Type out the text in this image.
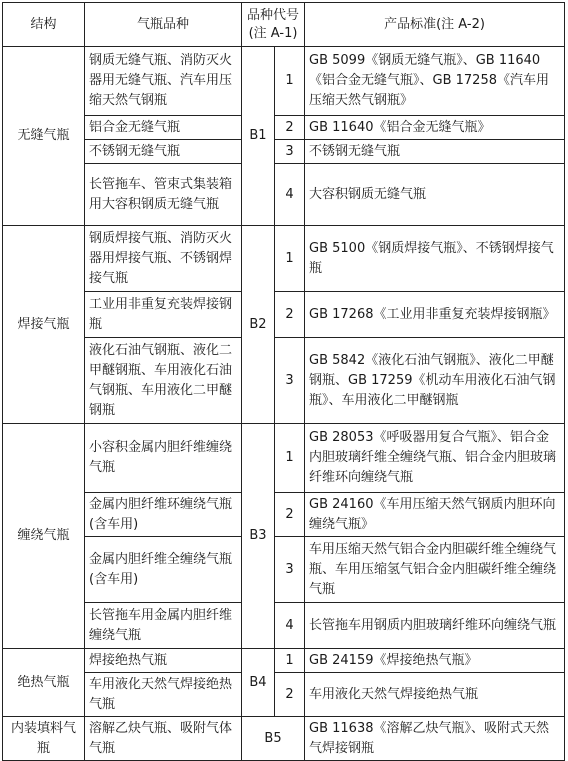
结构	气瓶品种	品种代号(注 A-1)		产品标准(注 A-2)
无缝气瓶	钢质无缝气瓶、消防灭火器用无缝气瓶、汽车用压缩天然气钢瓶	B1	1	GB 5099《钢质无缝气瓶》、GB 11640《铝合金无缝气瓶》、GB 17258《汽车用压缩天然气钢瓶》
	铝合金无缝气瓶		2	GB 11640《铝合金无缝气瓶》
	不锈钢无缝气瓶		3	不锈钢无缝气瓶
	长管拖车、管束式集装箱用大容积钢质无缝气瓶		4	大容积钢质无缝气瓶
焊接气瓶	钢质焊接气瓶、消防灭火器用焊接气瓶、不锈钢焊接气瓶	B2	1	GB 5100《钢质焊接气瓶》、不锈钢焊接气瓶
	工业用非重复充装焊接钢瓶		2	GB 17268《工业用非重复充装焊接钢瓶》
	液化石油气钢瓶、液化二甲醚钢瓶、车用液化石油气钢瓶、车用液化二甲醚钢瓶		3	GB 5842《液化石油气钢瓶》、液化二甲醚钢瓶、GB 17259《机动车用液化石油气钢瓶》、车用液化二甲醚钢瓶
缠绕气瓶	小容积金属内胆纤维缠绕气瓶	B3	1	GB 28053《呼吸器用复合气瓶》、铝合金内胆玻璃纤维全缠绕气瓶、铝合金内胆玻璃纤维环向缠绕气瓶
	金属内胆纤维环缠绕气瓶(含车用)		2	GB 24160《车用压缩天然气钢质内胆环向缠绕气瓶》
	金属内胆纤维全缠绕气瓶(含车用)		3	车用压缩天然气铝合金内胆碳纤维全缠绕气瓶、车用压缩氢气铝合金内胆碳纤维全缠绕气瓶
	长管拖车用金属内胆纤维缠绕气瓶		4	长管拖车用钢质内胆玻璃纤维环向缠绕气瓶
绝热气瓶	焊接绝热气瓶	B4	1	GB 24159《焊接绝热气瓶》
	车用液化天然气焊接绝热气瓶		2	车用液化天然气焊接绝热气瓶
内装填料气瓶	溶解乙炔气瓶、吸附气体气瓶	B5		GB 11638《溶解乙炔气瓶》、吸附式天然气焊接钢瓶
